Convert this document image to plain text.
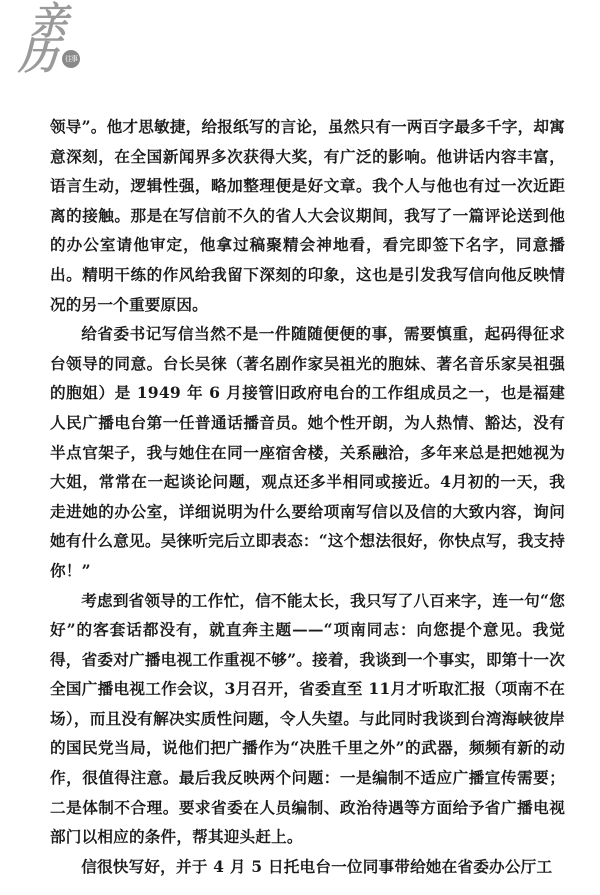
亲
历	往事

领导”。他才思敏捷，给报纸写的言论，虽然只有一两百字最多千字，却寓意深刻，在全国新闻界多次获得大奖，有广泛的影响。他讲话内容丰富，语言生动，逻辑性强，略加整理便是好文章。我个人与他也有过一次近距离的接触。那是在写信前不久的省人大会议期间，我写了一篇评论送到他的办公室请他审定，他拿过稿聚精会神地看，看完即签下名字，同意播出。精明干练的作风给我留下深刻的印象，这也是引发我写信向他反映情况的另一个重要原因。

给省委书记写信当然不是一件随随便便的事，需要慎重，起码得征求台领导的同意。台长吴徕（著名剧作家吴祖光的胞妹、著名音乐家吴祖强的胞姐）是 1949 年 6 月接管旧政府电台的工作组成员之一，也是福建人民广播电台第一任普通话播音员。她个性开朗，为人热情、豁达，没有半点官架子，我与她住在同一座宿舍楼，关系融洽，多年来总是把她视为大姐，常常在一起谈论问题，观点还多半相同或接近。4月初的一天，我走进她的办公室，详细说明为什么要给项南写信以及信的大致内容，询问她有什么意见。吴徕听完后立即表态：“这个想法很好，你快点写，我支持你！”

考虑到省领导的工作忙，信不能太长，我只写了八百来字，连一句“您好”的客套话都没有，就直奔主题——“项南同志：向您提个意见。我觉得，省委对广播电视工作重视不够”。接着，我谈到一个事实，即第十一次全国广播电视工作会议，3月召开，省委直至 11月才听取汇报（项南不在场），而且没有解决实质性问题，令人失望。与此同时我谈到台湾海峡彼岸的国民党当局，说他们把广播作为“决胜千里之外”的武器，频频有新的动作，很值得注意。最后我反映两个问题：一是编制不适应广播宣传需要；二是体制不合理。要求省委在人员编制、政治待遇等方面给予省广播电视部门以相应的条件，帮其迎头赶上。

信很快写好，并于 4 月 5 日托电台一位同事带给她在省委办公厅工
